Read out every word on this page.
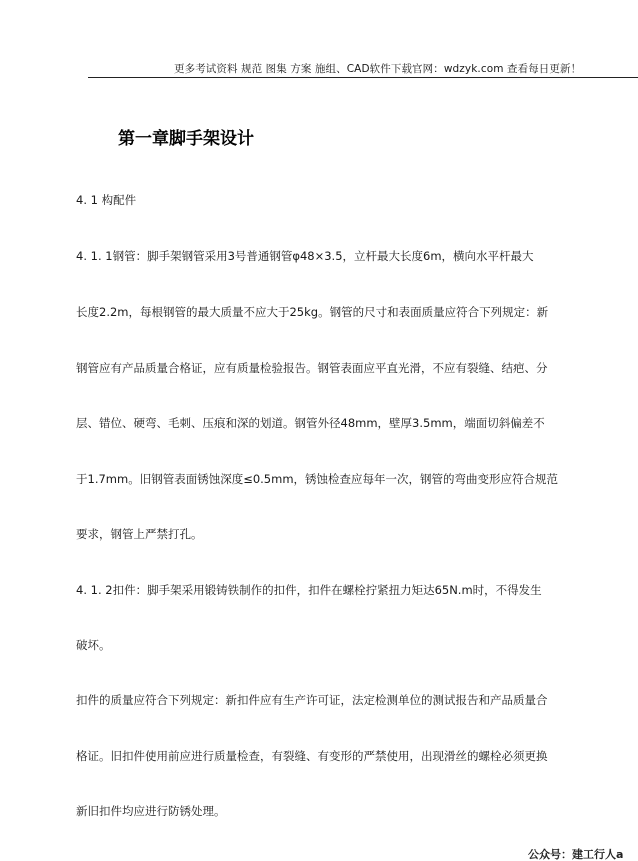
更多考试资料 规范 图集 方案 施组、CAD软件下载官网：wdzyk.com 查看每日更新！
第一章脚手架设计
4. 1 构配件
4. 1. 1钢管：脚手架钢管采用3号普通钢管φ48×3.5，立杆最大长度6m，横向水平杆最大
长度2.2m，每根钢管的最大质量不应大于25kg。钢管的尺寸和表面质量应符合下列规定：新
钢管应有产品质量合格证，应有质量检验报告。钢管表面应平直光滑，不应有裂缝、结疤、分
层、错位、硬弯、毛刺、压痕和深的划道。钢管外径48mm，壁厚3.5mm，端面切斜偏差不
于1.7mm。旧钢管表面锈蚀深度≤0.5mm，锈蚀检查应每年一次，钢管的弯曲变形应符合规范
要求，钢管上严禁打孔。
4. 1. 2扣件：脚手架采用锻铸铁制作的扣件，扣件在螺栓拧紧扭力矩达65N.m时，不得发生
破坏。
扣件的质量应符合下列规定：新扣件应有生产许可证，法定检测单位的测试报告和产品质量合
格证。旧扣件使用前应进行质量检查，有裂缝、有变形的严禁使用，出现滑丝的螺栓必须更换
新旧扣件均应进行防锈处理。
公众号：建工行人a
